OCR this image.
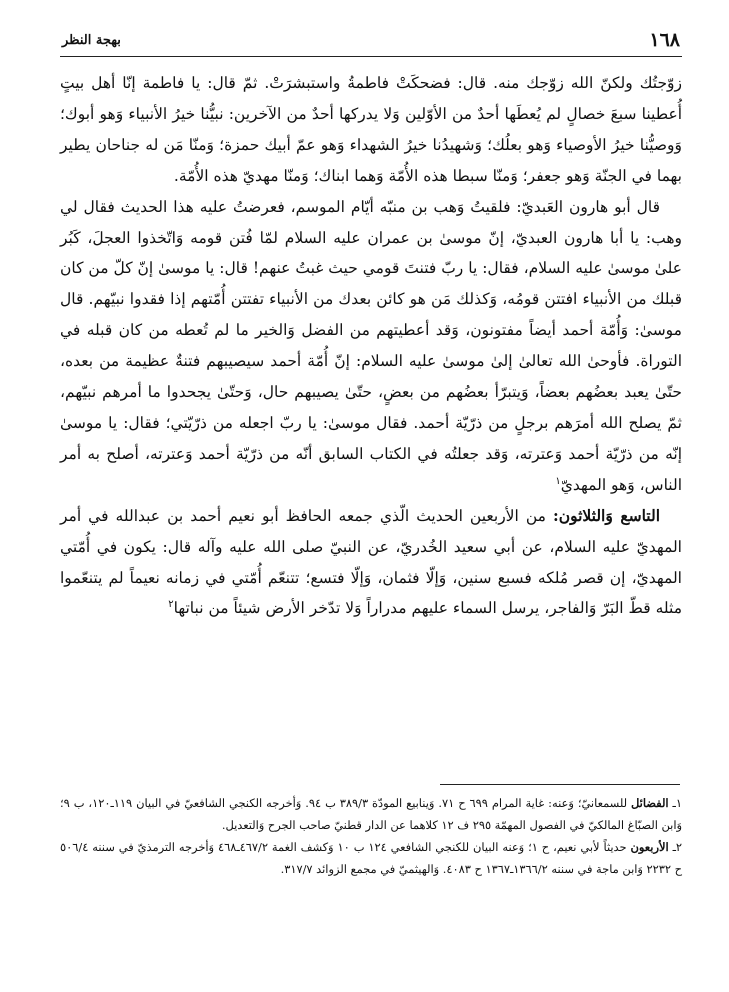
١٦٨
بهجة النظر

زوّجتُك ولكنّ الله زوّجك منه. قال: فضحكَتْ فاطمةُ واستبشرَتْ. ثمّ قال: يا فاطمة إنّا أهل بيتٍ أُعطينا سبعَ خصالٍ لم يُعطَها أحدٌ من الأوّلين وَلا يدركها أحدٌ من الآخرين: نبيُّنا خيرُ الأنبياء وَهو أبوك؛ وَوصيُّنا خيرُ الأوصياء وَهو بعلُك؛ وَشهيدُنا خيرُ الشهداء وَهو عمّ أبيك حمزة؛ وَمنّا مَن له جناحان يطير بهما في الجنّة وَهو جعفر؛ وَمنّا سبطا هذه الأُمّة وَهما ابناك؛ وَمنّا مهديّ هذه الأُمّة.

قال أبو هارون العَبديّ: فلقيتُ وَهب بن منبّه أيّام الموسم، فعرضتُ عليه هذا الحديث فقال لي وهب: يا أبا هارون العبديّ، إنّ موسىٰ بن عمران عليه السلام لمّا فُتن قومه وَاتّخذوا العجلَ، كَبُر علىٰ موسىٰ عليه السلام، فقال: يا ربّ فتنتَ قومي حيث غبتُ عنهم! قال: يا موسىٰ إنّ كلّ من كان قبلك من الأنبياء افتتن قومُه، وَكذلك مَن هو كائن بعدك من الأنبياء تفتتن أُمّتهم إذا فقدوا نبيّهم. قال موسىٰ: وَأُمّة أحمد أيضاً مفتونون، وَقد أعطيتهم من الفضل وَالخير ما لم تُعطه من كان قبله في التوراة. فأوحىٰ الله تعالىٰ إلىٰ موسىٰ عليه السلام: إنّ أُمّة أحمد سيصيبهم فتنةٌ عظيمة من بعده، حتّىٰ يعبد بعضُهم بعضاً، وَيتبرّأ بعضُهم من بعضٍ، حتّىٰ يصيبهم حال، وَحتّىٰ يجحدوا ما أمرهم نبيّهم، ثمّ يصلح الله أمرَهم برجلٍ من ذرّيّة أحمد. فقال موسىٰ: يا ربّ اجعله من ذرّيّتي؛ فقال: يا موسىٰ إنّه من ذرّيّة أحمد وَعترته، وَقد جعلتُه في الكتاب السابق أنّه من ذرّيّة أحمد وَعترته، أصلح به أمر الناس، وَهو المهديّ$^١$

التاسع وَالثلاثون: من الأربعين الحديث الّذي جمعه الحافظ أبو نعيم أحمد بن عبدالله في أمر المهديّ عليه السلام، عن أبي سعيد الخُدريّ، عن النبيّ صلى الله عليه وآله قال: يكون في أُمّتي المهديّ، إن قصر مُلكه فسبع سنين، وَإلّا فثمان، وَإلّا فتسع؛ تتنعّم أُمّتي في زمانه نعيماً لم يتنعّموا مثله قطّ البَرّ وَالفاجر، يرسل السماء عليهم مدراراً وَلا تدّخر الأرض شيئاً من نباتها$^٢$

١ـ الفضائل للسمعانيّ؛ وَعنه: غاية المرام ٦٩٩ ح ٧١. وَينابيع المودّة ٣٨٩/٣ ب ٩٤. وَأخرجه الكنجي الشافعيّ في البيان ١١٩ـ١٢٠، ب ٩؛ وَابن الصبّاغ المالكيّ في الفصول المهمّة ٢٩٥ ف ١٢ كلاهما عن الدار قطنيّ صاحب الجرح وَالتعديل.

٢ـ الأربعون حديثاً لأبي نعيم، ح ١؛ وَعنه البيان للكنجي الشافعي ١٢٤ ب ١٠ وَكشف الغمة ٤٦٧/٢ـ٤٦٨ وَأخرجه الترمذيّ في سننه ٥٠٦/٤ ح ٢٢٣٢ وَابن ماجة في سننه ١٣٦٦/٢ـ١٣٦٧ ح ٤٠٨٣. وَالهيثميّ في مجمع الزوائد ٣١٧/٧.
